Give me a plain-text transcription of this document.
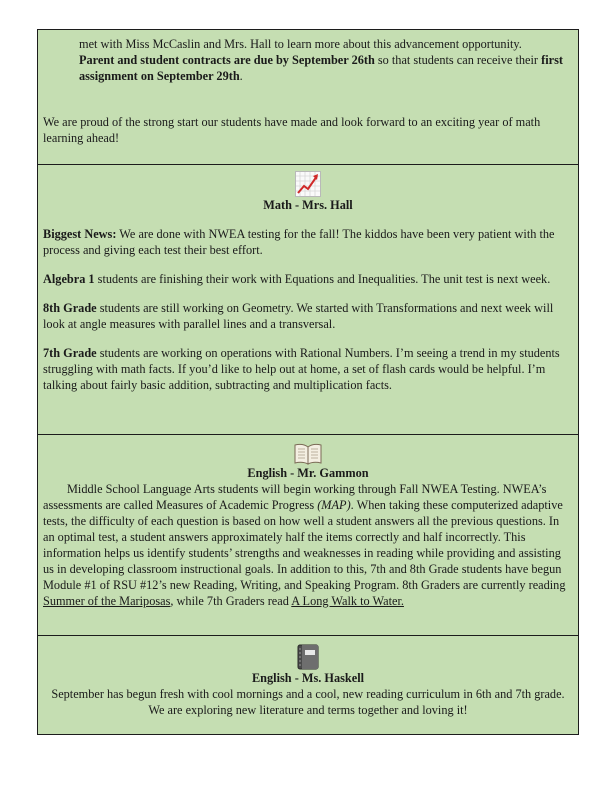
met with Miss McCaslin and Mrs. Hall to learn more about this advancement opportunity.

Parent and student contracts are due by September 26th so that students can receive their first assignment on September 29th.

We are proud of the strong start our students have made and look forward to an exciting year of math learning ahead!

Math - Mrs. Hall

Biggest News: We are done with NWEA testing for the fall! The kiddos have been very patient with the process and giving each test their best effort.

Algebra 1 students are finishing their work with Equations and Inequalities. The unit test is next week.

8th Grade students are still working on Geometry. We started with Transformations and next week will look at angle measures with parallel lines and a transversal.

7th Grade students are working on operations with Rational Numbers. I’m seeing a trend in my students struggling with math facts. If you’d like to help out at home, a set of flash cards would be helpful. I’m talking about fairly basic addition, subtracting and multiplication facts.

English - Mr. Gammon

Middle School Language Arts students will begin working through Fall NWEA Testing. NWEA’s assessments are called Measures of Academic Progress (MAP). When taking these computerized adaptive tests, the difficulty of each question is based on how well a student answers all the previous questions. In an optimal test, a student answers approximately half the items correctly and half incorrectly. This information helps us identify students’ strengths and weaknesses in reading while providing and assisting us in developing classroom instructional goals. In addition to this, 7th and 8th Grade students have begun Module #1 of RSU #12’s new Reading, Writing, and Speaking Program. 8th Graders are currently reading Summer of the Mariposas, while 7th Graders read A Long Walk to Water.

English - Ms. Haskell

September has begun fresh with cool mornings and a cool, new reading curriculum in 6th and 7th grade. We are exploring new literature and terms together and loving it!
